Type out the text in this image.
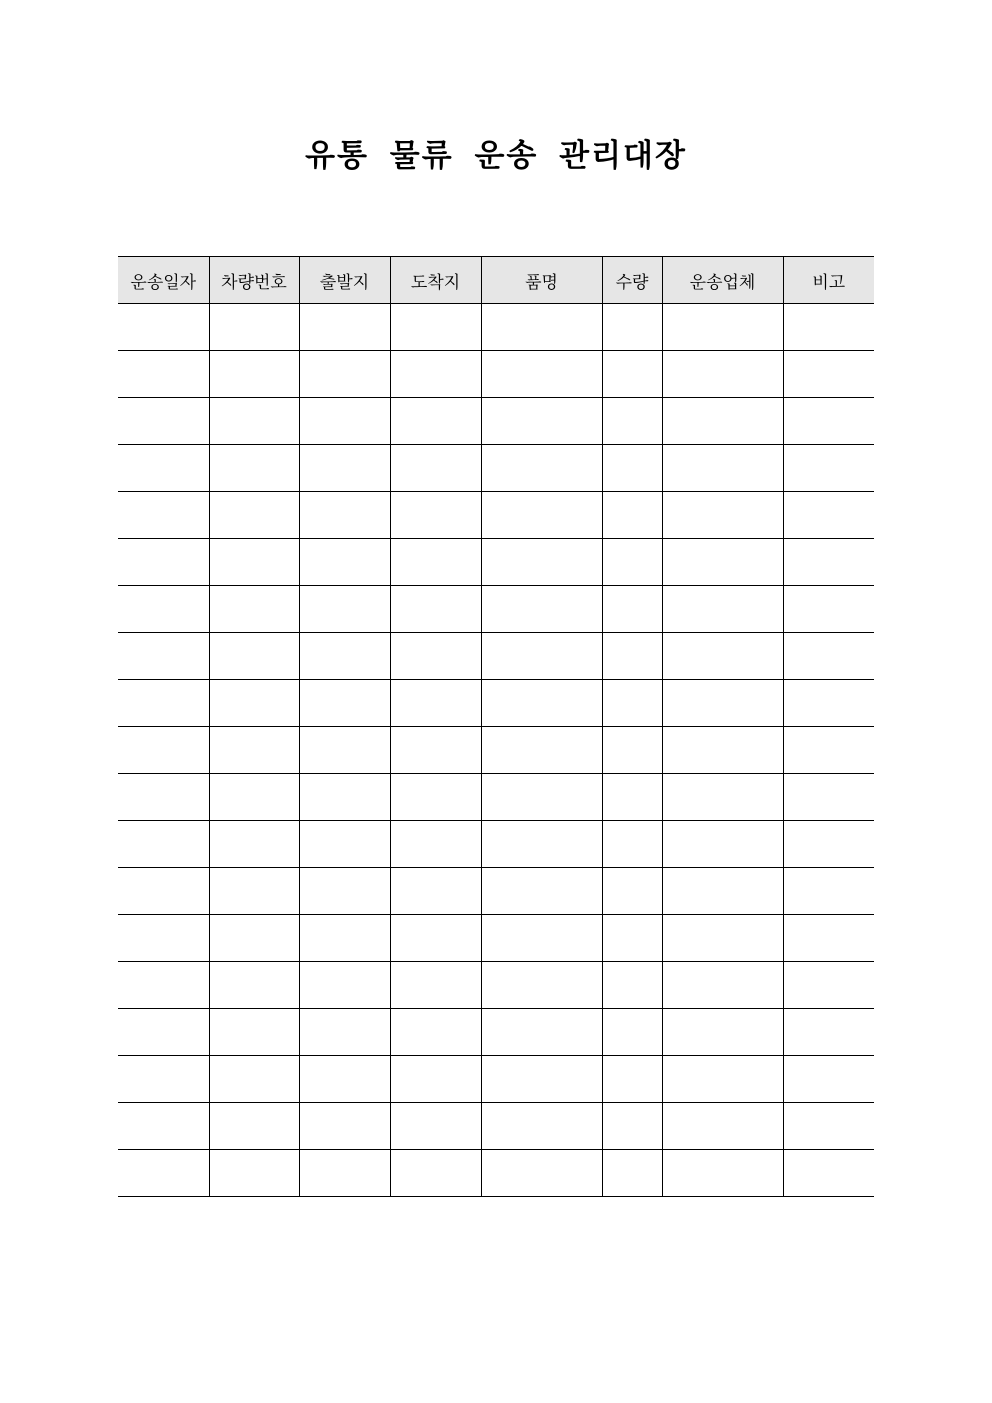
유통 물류 운송 관리대장
운송일자	차량번호	출발지	도착지	품명	수량	운송업체	비고
